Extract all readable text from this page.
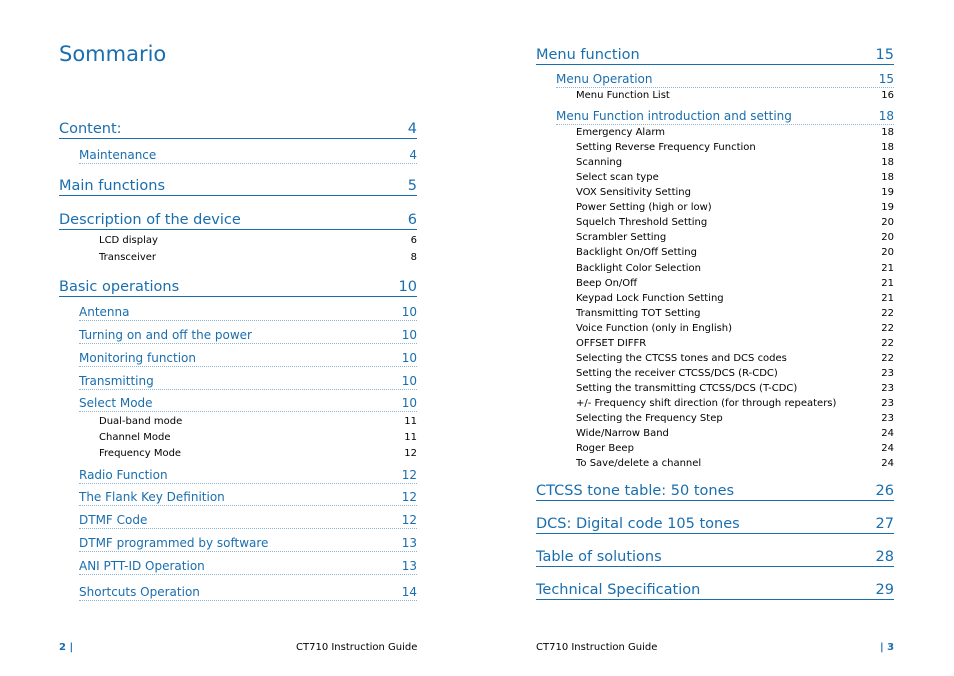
Sommario
Content:	4
Maintenance	4
Main functions	5
Description of the device	6
LCD display	6
Transceiver	8
Basic operations	10
Antenna	10
Turning on and off the power	10
Monitoring function	10
Transmitting	10
Select Mode	10
Dual-band mode	11
Channel Mode	11
Frequency Mode	12
Radio Function	12
The Flank Key Definition	12
DTMF Code	12
DTMF programmed by software	13
ANI PTT-ID Operation	13
Shortcuts Operation	14
Menu function	15
Menu Operation	15
Menu Function List	16
Menu Function introduction and setting	18
Emergency Alarm	18
Setting Reverse Frequency Function	18
Scanning	18
Select scan type	18
VOX Sensitivity Setting	19
Power Setting (high or low)	19
Squelch Threshold Setting	20
Scrambler Setting	20
Backlight On/Off Setting	20
Backlight Color Selection	21
Beep On/Off	21
Keypad Lock Function Setting	21
Transmitting TOT Setting	22
Voice Function (only in English)	22
OFFSET DIFFR	22
Selecting the CTCSS tones and DCS codes	22
Setting the receiver CTCSS/DCS (R-CDC)	23
Setting the transmitting CTCSS/DCS (T-CDC)	23
+/- Frequency shift direction (for through repeaters)	23
Selecting the Frequency Step	23
Wide/Narrow Band	24
Roger Beep	24
To Save/delete a channel	24
CTCSS tone table: 50 tones	26
DCS: Digital code 105 tones	27
Table of solutions	28
Technical Specification	29
2 |	CT710 Instruction Guide	CT710 Instruction Guide	| 3
